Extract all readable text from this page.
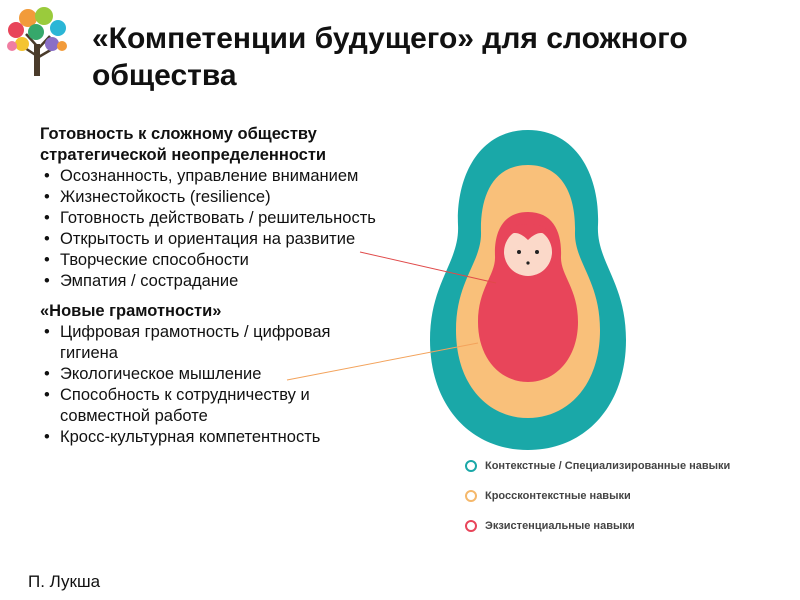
«Компетенции будущего» для сложного общества

Готовность к сложному обществу стратегической неопределенности

• Осознанность, управление вниманием
• Жизнестойкость (resilience)
• Готовность действовать / решительность
• Открытость и ориентация на развитие
• Творческие способности
• Эмпатия / сострадание

«Новые грамотности»

• Цифровая грамотность / цифровая гигиена
• Экологическое мышление
• Способность к сотрудничеству и совместной работе
• Кросс-культурная компетентность
Контекстные / Специализированные навыки
Кроссконтекстные навыки
Экзистенциальные навыки
П. Лукша
